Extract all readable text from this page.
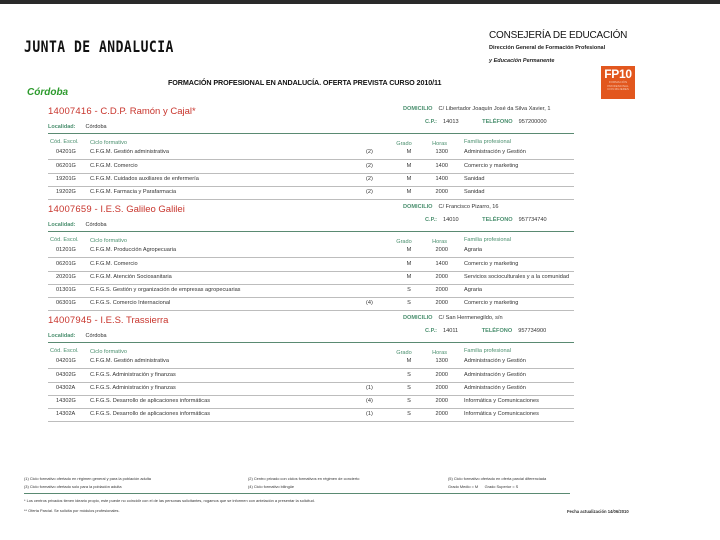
JUNTA DE ANDALUCIA
CONSEJERÍA DE EDUCACIÓN
Dirección General de Formación Profesional
y Educación Permanente
FP10
FORMACIÓN
PROFESIONAL
CON MUJERES
FORMACIÓN PROFESIONAL EN ANDALUCÍA. OFERTA PREVISTA CURSO 2010/11
Córdoba
14007416 - C.D.P. Ramón y Cajal*
Localidad: Córdoba
DOMICILIO C/ Libertador Joaquín José da Silva Xavier, 1
C.P.: 14013	TELÉFONO 957200000
Cód. Escol. Ciclo formativo	Grado	Horas	Familia profesional
04201G	C.F.G.M. Gestión administrativa	(2)	M	1300	Administración y Gestión
06201G	C.F.G.M. Comercio	(2)	M	1400	Comercio y marketing
19201G	C.F.G.M. Cuidados auxiliares de enfermería	(2)	M	1400	Sanidad
19202G	C.F.G.M. Farmacia y Parafarmacia	(2)	M	2000	Sanidad
14007659 - I.E.S. Galileo Galilei
Localidad: Córdoba
DOMICILIO C/ Francisco Pizarro, 16
C.P.: 14010	TELÉFONO 957734740
Cód. Escol. Ciclo formativo	Grado	Horas	Familia profesional
01201G	C.F.G.M. Producción Agropecuaria	M	2000	Agraria
06201G	C.F.G.M. Comercio	M	1400	Comercio y marketing
20201G	C.F.G.M. Atención Sociosanitaria	M	2000	Servicios socioculturales y a la comunidad
01301G	C.F.G.S. Gestión y organización de empresas agropecuarias	S	2000	Agraria
06301G	C.F.G.S. Comercio Internacional	(4)	S	2000	Comercio y marketing
14007945 - I.E.S. Trassierra
Localidad: Córdoba
DOMICILIO C/ San Hermenegildo, s/n
C.P.: 14011	TELÉFONO 957734900
Cód. Escol. Ciclo formativo	Grado	Horas	Familia profesional
04201G	C.F.G.M. Gestión administrativa	M	1300	Administración y Gestión
04302G	C.F.G.S. Administración y finanzas	S	2000	Administración y Gestión
04302A	C.F.G.S. Administración y finanzas	(1)	S	2000	Administración y Gestión
14302G	C.F.G.S. Desarrollo de aplicaciones informáticas	(4)	S	2000	Informática y Comunicaciones
14302A	C.F.G.S. Desarrollo de aplicaciones informáticas	(1)	S	2000	Informática y Comunicaciones
(1) Ciclo formativo ofertado en régimen general y para la población adulta	(2) Centro privado con ciclos formativos en régimen de concierto	(5) Ciclo formativo ofertado en oferta parcial diferenciada
(3) Ciclo formativo ofertado solo para la población adulta	(4) Ciclo formativo bilingüe	Grado Medio = M      Grado Superior = S
* Los centros privados tienen ideario propio, este puede no coincidir con el de las personas solicitantes, rogamos que se informen con antelación a presentar la solicitud.
** Oferta Parcial. Se solicita por módulos profesionales.	Fecha actualización 14/06/2010
